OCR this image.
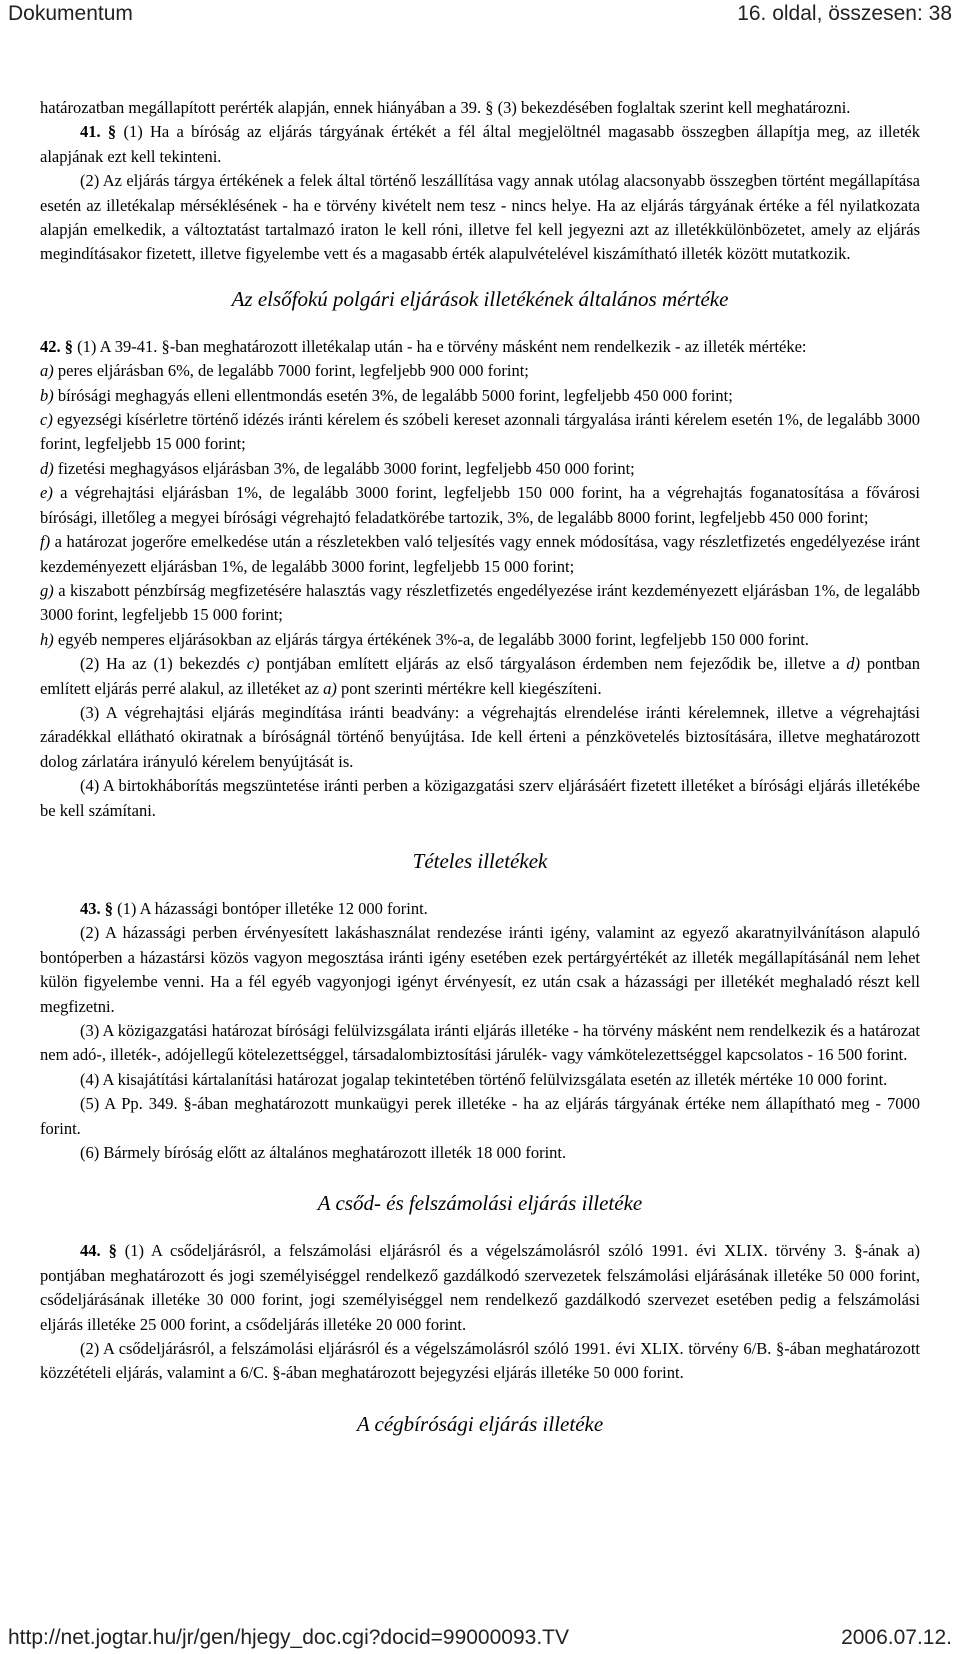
Dokumentum	16. oldal, összesen: 38

határozatban megállapított perérték alapján, ennek hiányában a 39. § (3) bekezdésében foglaltak szerint kell meghatározni.

41. § (1) Ha a bíróság az eljárás tárgyának értékét a fél által megjelöltnél magasabb összegben állapítja meg, az illeték alapjának ezt kell tekinteni.

(2) Az eljárás tárgya értékének a felek által történő leszállítása vagy annak utólag alacsonyabb összegben történt megállapítása esetén az illetékalap mérséklésének - ha e törvény kivételt nem tesz - nincs helye. Ha az eljárás tárgyának értéke a fél nyilatkozata alapján emelkedik, a változtatást tartalmazó iraton le kell róni, illetve fel kell jegyezni azt az illetékkülönbözetet, amely az eljárás megindításakor fizetett, illetve figyelembe vett és a magasabb érték alapulvételével kiszámítható illeték között mutatkozik.

Az elsőfokú polgári eljárások illetékének általános mértéke

42. § (1) A 39-41. §-ban meghatározott illetékalap után - ha e törvény másként nem rendelkezik - az illeték mértéke:

a) peres eljárásban 6%, de legalább 7000 forint, legfeljebb 900 000 forint;

b) bírósági meghagyás elleni ellentmondás esetén 3%, de legalább 5000 forint, legfeljebb 450 000 forint;

c) egyezségi kísérletre történő idézés iránti kérelem és szóbeli kereset azonnali tárgyalása iránti kérelem esetén 1%, de legalább 3000 forint, legfeljebb 15 000 forint;

d) fizetési meghagyásos eljárásban 3%, de legalább 3000 forint, legfeljebb 450 000 forint;

e) a végrehajtási eljárásban 1%, de legalább 3000 forint, legfeljebb 150 000 forint, ha a végrehajtás foganatosítása a fővárosi bírósági, illetőleg a megyei bírósági végrehajtó feladatkörébe tartozik, 3%, de legalább 8000 forint, legfeljebb 450 000 forint;

f) a határozat jogerőre emelkedése után a részletekben való teljesítés vagy ennek módosítása, vagy részletfizetés engedélyezése iránt kezdeményezett eljárásban 1%, de legalább 3000 forint, legfeljebb 15 000 forint;

g) a kiszabott pénzbírság megfizetésére halasztás vagy részletfizetés engedélyezése iránt kezdeményezett eljárásban 1%, de legalább 3000 forint, legfeljebb 15 000 forint;

h) egyéb nemperes eljárásokban az eljárás tárgya értékének 3%-a, de legalább 3000 forint, legfeljebb 150 000 forint.

(2) Ha az (1) bekezdés c) pontjában említett eljárás az első tárgyaláson érdemben nem fejeződik be, illetve a d) pontban említett eljárás perré alakul, az illetéket az a) pont szerinti mértékre kell kiegészíteni.

(3) A végrehajtási eljárás megindítása iránti beadvány: a végrehajtás elrendelése iránti kérelemnek, illetve a végrehajtási záradékkal ellátható okiratnak a bíróságnál történő benyújtása. Ide kell érteni a pénzkövetelés biztosítására, illetve meghatározott dolog zárlatára irányuló kérelem benyújtását is.

(4) A birtokháborítás megszüntetése iránti perben a közigazgatási szerv eljárásáért fizetett illetéket a bírósági eljárás illetékébe be kell számítani.

Tételes illetékek

43. § (1) A házassági bontóper illetéke 12 000 forint.

(2) A házassági perben érvényesített lakáshasználat rendezése iránti igény, valamint az egyező akaratnyilvánításon alapuló bontóperben a házastársi közös vagyon megosztása iránti igény esetében ezek pertárgyértékét az illeték megállapításánál nem lehet külön figyelembe venni. Ha a fél egyéb vagyonjogi igényt érvényesít, ez után csak a házassági per illetékét meghaladó részt kell megfizetni.

(3) A közigazgatási határozat bírósági felülvizsgálata iránti eljárás illetéke - ha törvény másként nem rendelkezik és a határozat nem adó-, illeték-, adójellegű kötelezettséggel, társadalombiztosítási járulék- vagy vámkötelezettséggel kapcsolatos - 16 500 forint.

(4) A kisajátítási kártalanítási határozat jogalap tekintetében történő felülvizsgálata esetén az illeték mértéke 10 000 forint.

(5) A Pp. 349. §-ában meghatározott munkaügyi perek illetéke - ha az eljárás tárgyának értéke nem állapítható meg - 7000 forint.

(6) Bármely bíróság előtt az általános meghatározott illeték 18 000 forint.

A csőd- és felszámolási eljárás illetéke

44. § (1) A csődeljárásról, a felszámolási eljárásról és a végelszámolásról szóló 1991. évi XLIX. törvény 3. §-ának a) pontjában meghatározott és jogi személyiséggel rendelkező gazdálkodó szervezetek felszámolási eljárásának illetéke 50 000 forint, csődeljárásának illetéke 30 000 forint, jogi személyiséggel nem rendelkező gazdálkodó szervezet esetében pedig a felszámolási eljárás illetéke 25 000 forint, a csődeljárás illetéke 20 000 forint.

(2) A csődeljárásról, a felszámolási eljárásról és a végelszámolásról szóló 1991. évi XLIX. törvény 6/B. §-ában meghatározott közzétételi eljárás, valamint a 6/C. §-ában meghatározott bejegyzési eljárás illetéke 50 000 forint.

A cégbírósági eljárás illetéke
http://net.jogtar.hu/jr/gen/hjegy_doc.cgi?docid=99000093.TV	2006.07.12.
